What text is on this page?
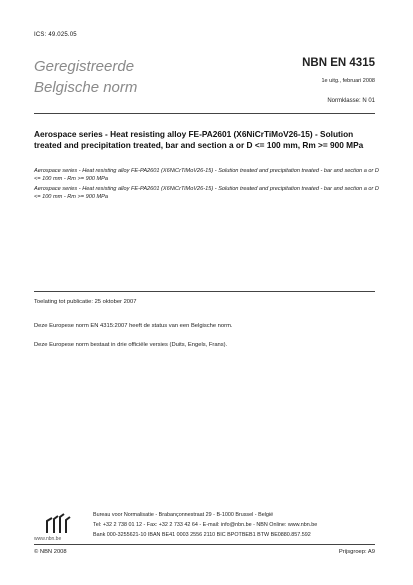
ICS: 49.025.05
Geregistreerde
Belgische norm
NBN EN 4315
1e uitg., februari 2008
Normklasse: N 01
Aerospace series - Heat resisting alloy FE-PA2601 (X6NiCrTiMoV26-15) - Solution treated and precipitation treated, bar and section a or D <= 100 mm, Rm >= 900 MPa
Aerospace series - Heat resisting alloy FE-PA2601 (X6NiCrTiMoV26-15) - Solution treated and precipitation treated - bar and section a or D <= 100 mm - Rm >= 900 MPa
Aerospace series - Heat resisting alloy FE-PA2601 (X6NiCrTiMoV26-15) - Solution treated and precipitation treated - bar and section a or D <= 100 mm - Rm >= 900 MPa
Toelating tot publicatie: 25 oktober 2007
Deze Europese norm EN 4315:2007 heeft de status van een Belgische norm.
Deze Europese norm bestaat in drie officiële versies (Duits, Engels, Frans).
www.nbn.be
Bureau voor Normalisatie - Brabançonnestraat 29 - B-1000 Brussel - België
Tel: +32 2 738 01 12 - Fax: +32 2 733 42 64 - E-mail: info@nbn.be - NBN Online: www.nbn.be
Bank 000-3255621-10 IBAN BE41 0003 2556 2110 BIC BPOTBEB1 BTW BE0880.857.592
© NBN 2008	Prijsgroep: A9
